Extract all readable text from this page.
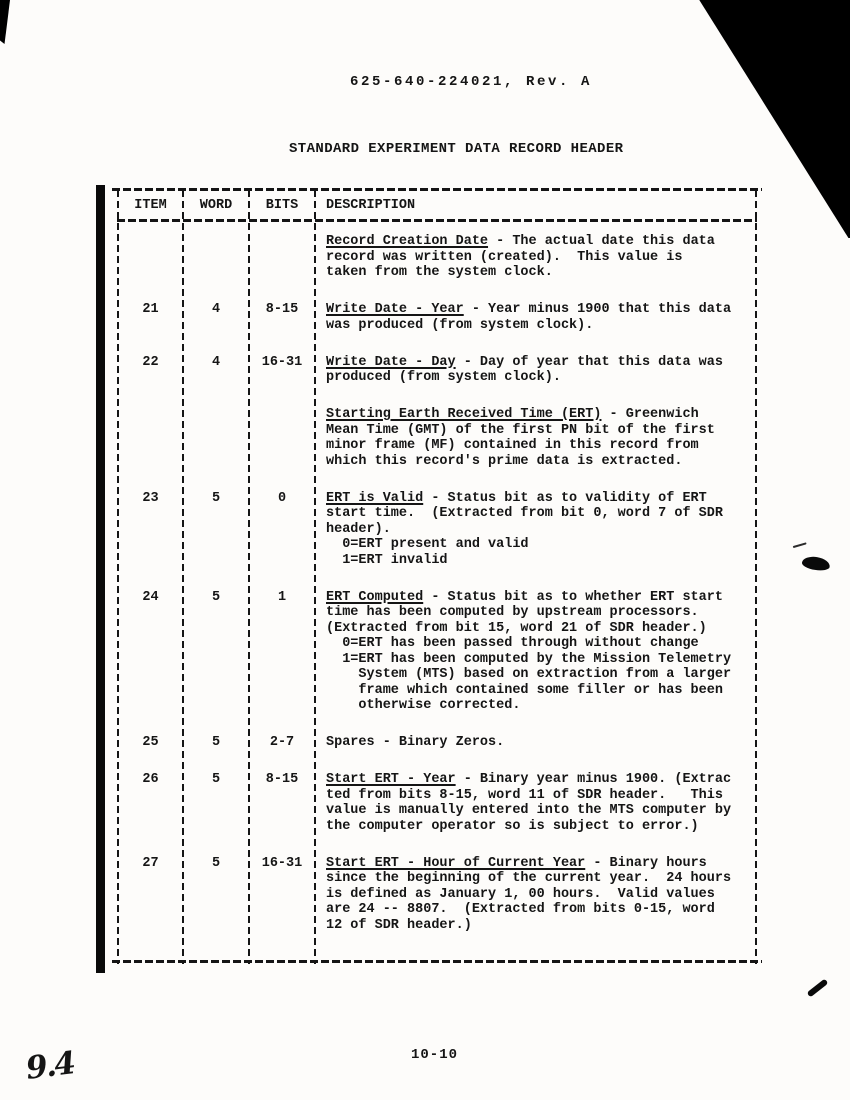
625-640-224021, Rev. A
STANDARD EXPERIMENT DATA RECORD HEADER
ITEM	WORD	BITS	DESCRIPTION
Record Creation Date - The actual date this data
record was written (created).  This value is
taken from the system clock.
21	4	8-15	Write Date - Year - Year minus 1900 that this data
was produced (from system clock).
22	4	16-31	Write Date - Day - Day of year that this data was
produced (from system clock).
Starting Earth Received Time (ERT) - Greenwich
Mean Time (GMT) of the first PN bit of the first
minor frame (MF) contained in this record from
which this record's prime data is extracted.
23	5	0	ERT is Valid - Status bit as to validity of ERT
start time.  (Extracted from bit 0, word 7 of SDR
header).
0=ERT present and valid
1=ERT invalid
24	5	1	ERT Computed - Status bit as to whether ERT start
time has been computed by upstream processors.
(Extracted from bit 15, word 21 of SDR header.)
0=ERT has been passed through without change
1=ERT has been computed by the Mission Telemetry
System (MTS) based on extraction from a larger
frame which contained some filler or has been
otherwise corrected.
25	5	2-7	Spares - Binary Zeros.
26	5	8-15	Start ERT - Year - Binary year minus 1900. (Extrac
ted from bits 8-15, word 11 of SDR header.   This
value is manually entered into the MTS computer by
the computer operator so is subject to error.)
27	5	16-31	Start ERT - Hour of Current Year - Binary hours
since the beginning of the current year.  24 hours
is defined as January 1, 00 hours.  Valid values
are 24 -- 8807.  (Extracted from bits 0-15, word
12 of SDR header.)
10-10
9.4
